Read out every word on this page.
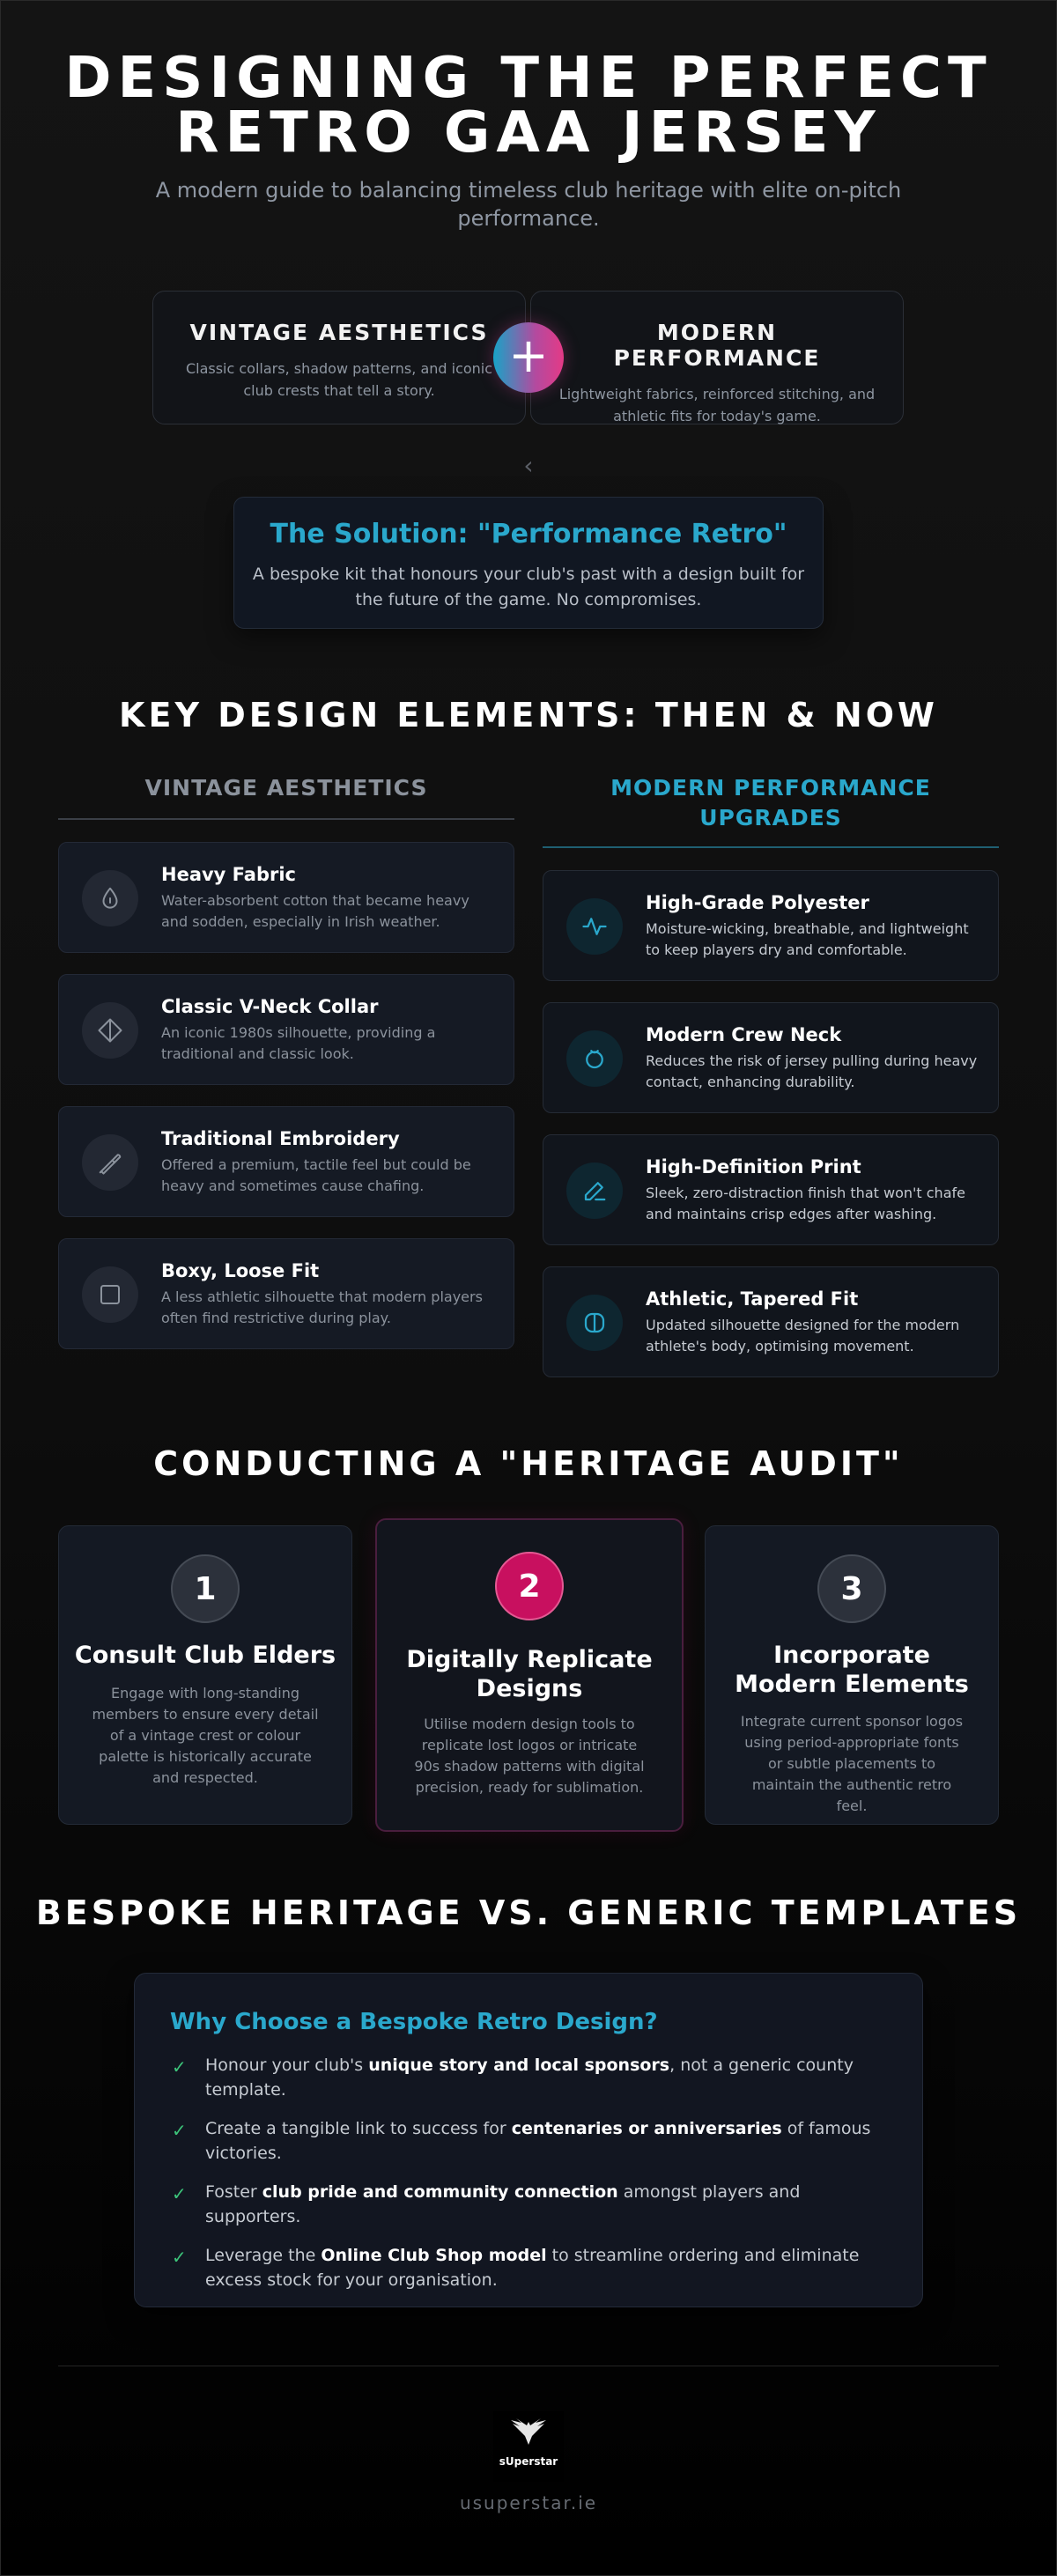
DESIGNING THE PERFECT
RETRO GAA JERSEY
A modern guide to balancing timeless club heritage with elite on-pitch performance.
VINTAGE AESTHETICS

Classic collars, shadow patterns, and iconic club crests that tell a story.

MODERN PERFORMANCE

Lightweight fabrics, reinforced stitching, and athletic fits for today's game.

+
‹
The Solution: "Performance Retro"

A bespoke kit that honours your club's past with a design built for the future of the game. No compromises.

KEY DESIGN ELEMENTS: THEN & NOW
VINTAGE AESTHETICS	MODERN PERFORMANCE
UPGRADES
Heavy Fabric

Water-absorbent cotton that became heavy and sodden, especially in Irish weather.

Classic V-Neck Collar

An iconic 1980s silhouette, providing a traditional and classic look.

Traditional Embroidery

Offered a premium, tactile feel but could be heavy and sometimes cause chafing.

Boxy, Loose Fit

A less athletic silhouette that modern players often find restrictive during play.

High-Grade Polyester

Moisture-wicking, breathable, and lightweight to keep players dry and comfortable.

Modern Crew Neck

Reduces the risk of jersey pulling during heavy contact, enhancing durability.

High-Definition Print

Sleek, zero-distraction finish that won't chafe and maintains crisp edges after washing.

Athletic, Tapered Fit

Updated silhouette designed for the modern athlete's body, optimising movement.

CONDUCTING A "HERITAGE AUDIT"
1
Consult Club Elders

Engage with long-standing members to ensure every detail of a vintage crest or colour palette is historically accurate and respected.

2
Digitally Replicate
Designs

Utilise modern design tools to replicate lost logos or intricate 90s shadow patterns with digital precision, ready for sublimation.

3
Incorporate
Modern Elements

Integrate current sponsor logos using period-appropriate fonts or subtle placements to maintain the authentic retro feel.

BESPOKE HERITAGE VS. GENERIC TEMPLATES
Why Choose a Bespoke Retro Design?
✓ Honour your club's unique story and local sponsors, not a generic county template.
✓ Create a tangible link to success for centenaries or anniversaries of famous victories.
✓ Foster club pride and community connection amongst players and supporters.
✓ Leverage the Online Club Shop model to streamline ordering and eliminate excess stock for your organisation.
sUperstar
usuperstar.ie
